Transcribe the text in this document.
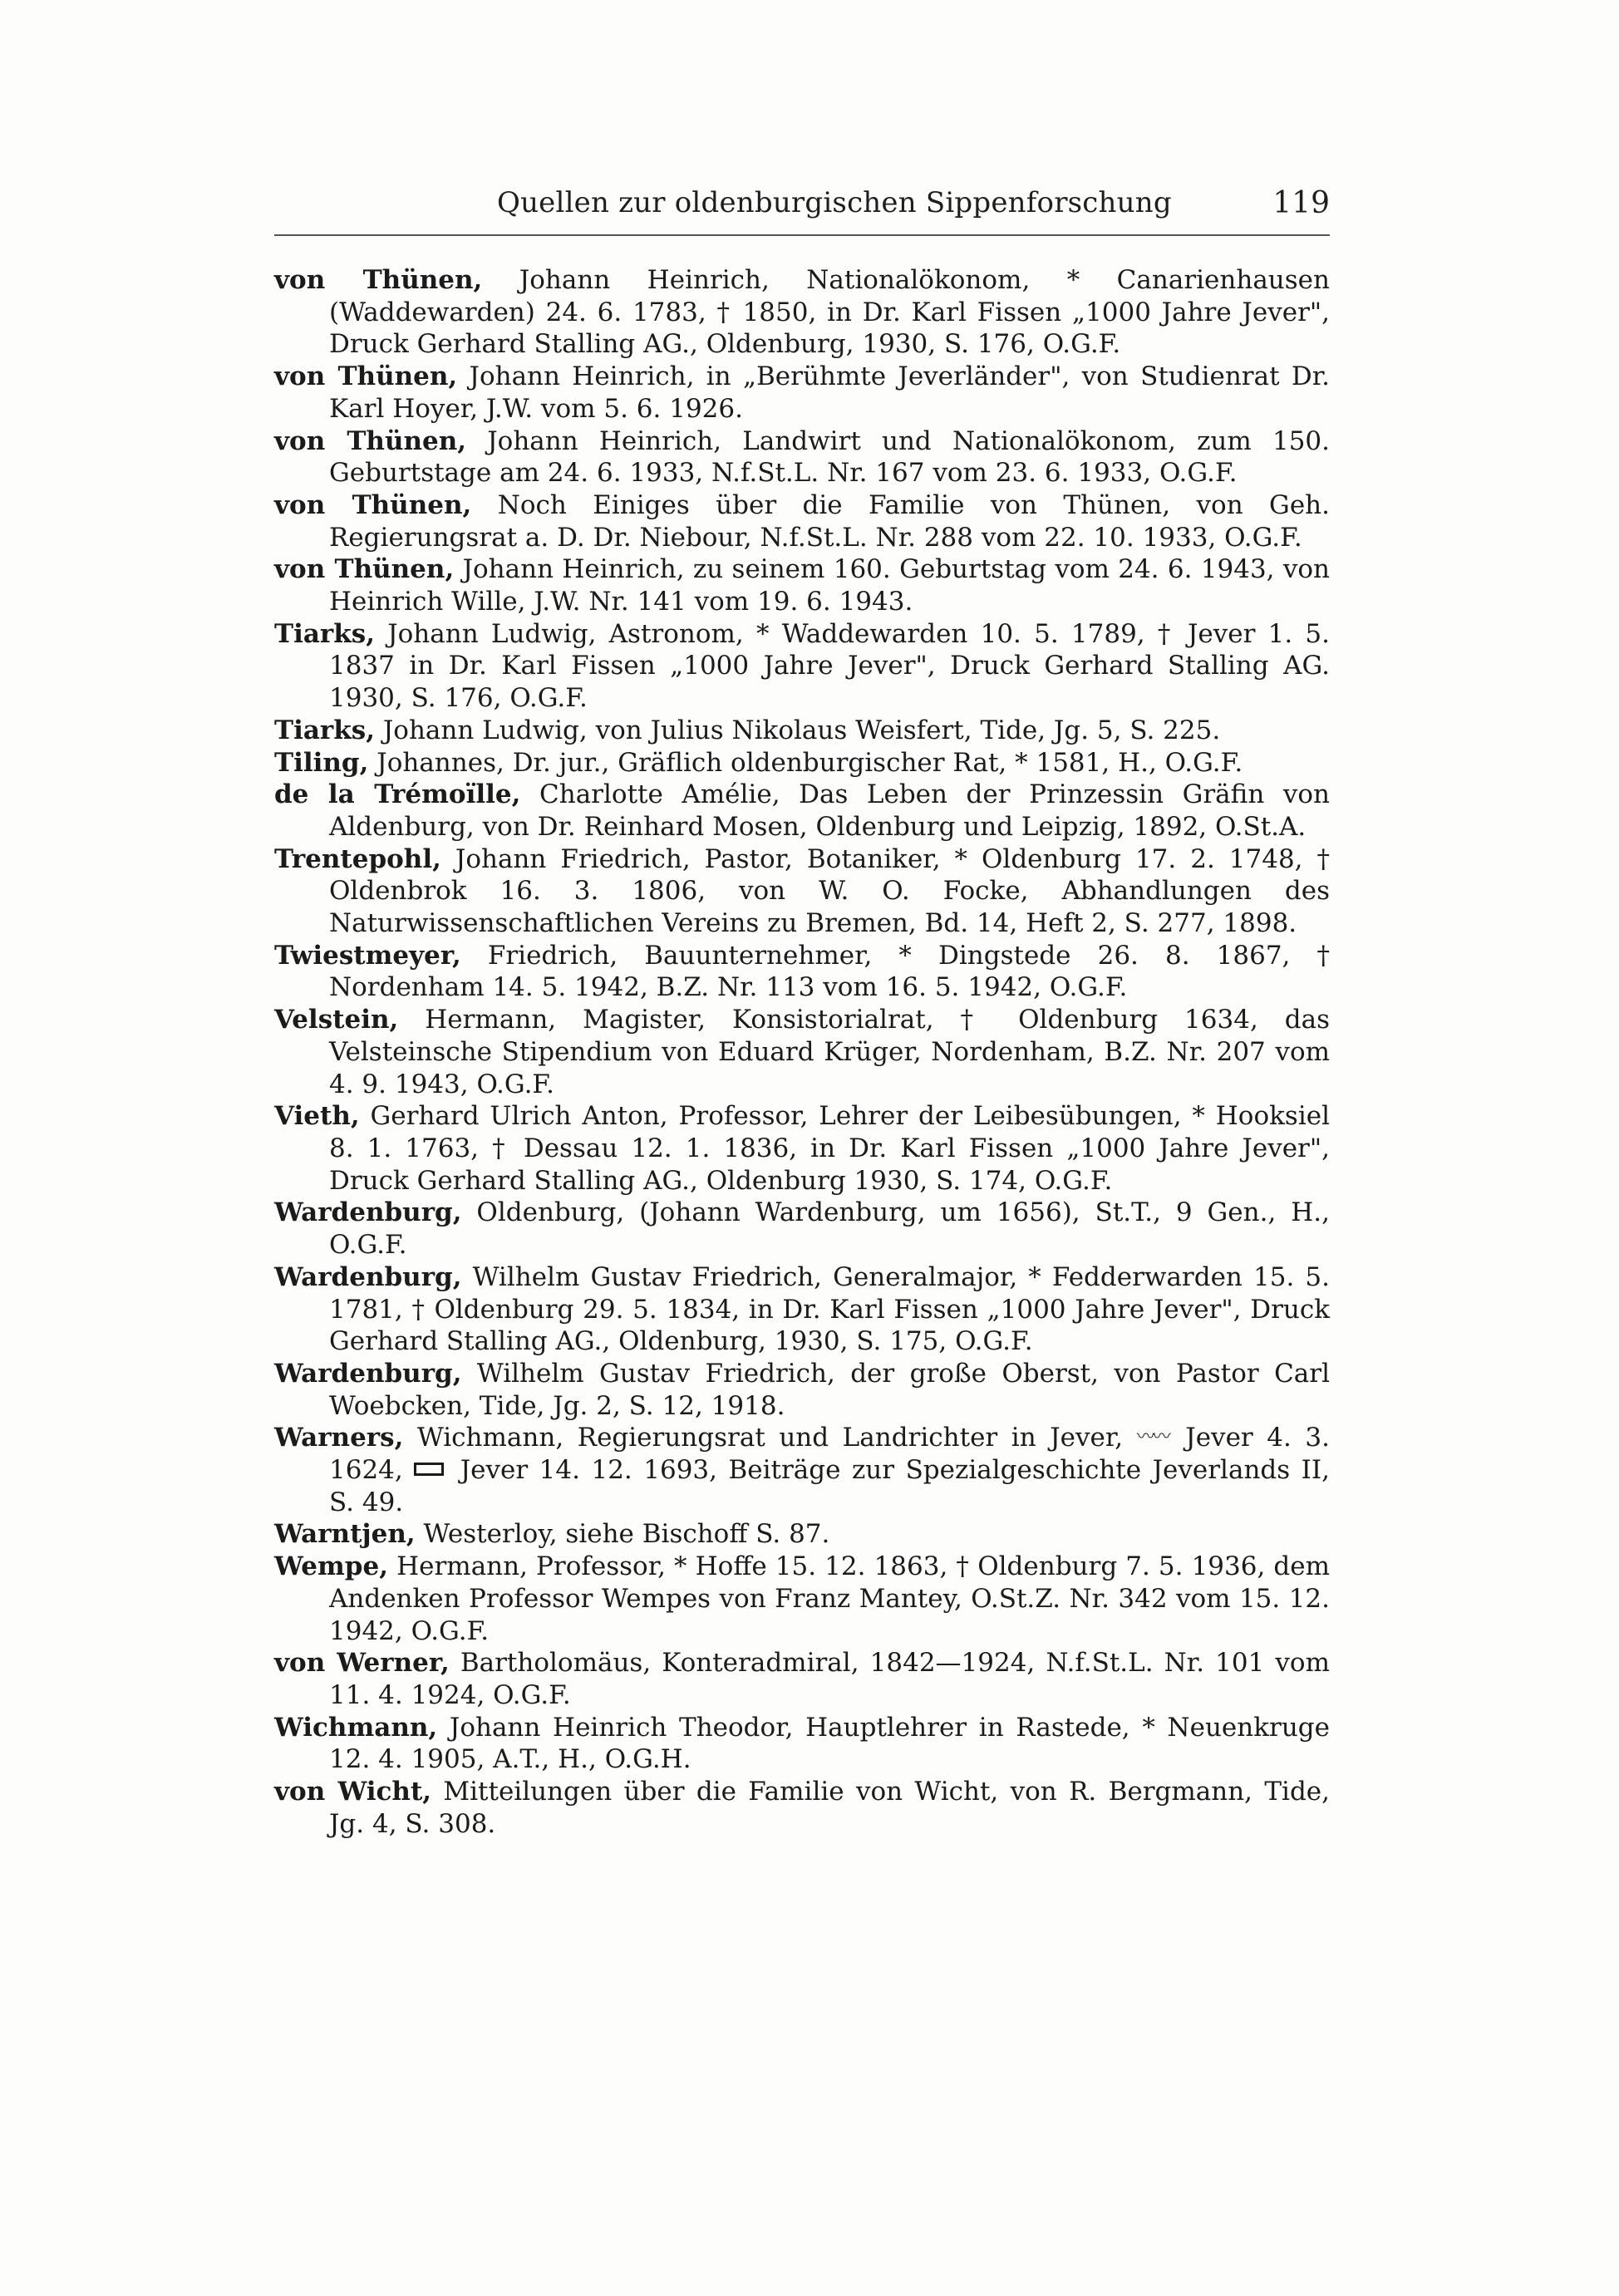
Quellen zur oldenburgischen Sippenforschung	119

von Thünen, Johann Heinrich, Nationalökonom, * Canarienhausen (Waddewarden) 24. 6. 1783, † 1850, in Dr. Karl Fissen „1000 Jahre Jever", Druck Gerhard Stalling AG., Oldenburg, 1930, S. 176, O.G.F.

von Thünen, Johann Heinrich, in „Berühmte Jeverländer", von Studienrat Dr. Karl Hoyer, J.W. vom 5. 6. 1926.

von Thünen, Johann Heinrich, Landwirt und Nationalökonom, zum 150. Geburtstage am 24. 6. 1933, N.f.St.L. Nr. 167 vom 23. 6. 1933, O.G.F.

von Thünen, Noch Einiges über die Familie von Thünen, von Geh. Regierungsrat a. D. Dr. Niebour, N.f.St.L. Nr. 288 vom 22. 10. 1933, O.G.F.

von Thünen, Johann Heinrich, zu seinem 160. Geburtstag vom 24. 6. 1943, von Heinrich Wille, J.W. Nr. 141 vom 19. 6. 1943.

Tiarks, Johann Ludwig, Astronom, * Waddewarden 10. 5. 1789, † Jever 1. 5. 1837 in Dr. Karl Fissen „1000 Jahre Jever", Druck Gerhard Stalling AG. 1930, S. 176, O.G.F.

Tiarks, Johann Ludwig, von Julius Nikolaus Weisfert, Tide, Jg. 5, S. 225.

Tiling, Johannes, Dr. jur., Gräflich oldenburgischer Rat, * 1581, H., O.G.F.

de la Trémoïlle, Charlotte Amélie, Das Leben der Prinzessin Gräfin von Aldenburg, von Dr. Reinhard Mosen, Oldenburg und Leipzig, 1892, O.St.A.

Trentepohl, Johann Friedrich, Pastor, Botaniker, * Oldenburg 17. 2. 1748, † Oldenbrok 16. 3. 1806, von W. O. Focke, Abhandlungen des Naturwissenschaftlichen Vereins zu Bremen, Bd. 14, Heft 2, S. 277, 1898.

Twiestmeyer, Friedrich, Bauunternehmer, * Dingstede 26. 8. 1867, † Nordenham 14. 5. 1942, B.Z. Nr. 113 vom 16. 5. 1942, O.G.F.

Velstein, Hermann, Magister, Konsistorialrat, † Oldenburg 1634, das Velsteinsche Stipendium von Eduard Krüger, Nordenham, B.Z. Nr. 207 vom 4. 9. 1943, O.G.F.

Vieth, Gerhard Ulrich Anton, Professor, Lehrer der Leibesübungen, * Hooksiel 8. 1. 1763, † Dessau 12. 1. 1836, in Dr. Karl Fissen „1000 Jahre Jever", Druck Gerhard Stalling AG., Oldenburg 1930, S. 174, O.G.F.

Wardenburg, Oldenburg, (Johann Wardenburg, um 1656), St.T., 9 Gen., H., O.G.F.

Wardenburg, Wilhelm Gustav Friedrich, Generalmajor, * Fedderwarden 15. 5. 1781, † Oldenburg 29. 5. 1834, in Dr. Karl Fissen „1000 Jahre Jever", Druck Gerhard Stalling AG., Oldenburg, 1930, S. 175, O.G.F.

Wardenburg, Wilhelm Gustav Friedrich, der große Oberst, von Pastor Carl Woebcken, Tide, Jg. 2, S. 12, 1918.

Warners, Wichmann, Regierungsrat und Landrichter in Jever, 〰〰 Jever 4. 3. 1624,  Jever 14. 12. 1693, Beiträge zur Spezialgeschichte Jeverlands II, S. 49.

Warntjen, Westerloy, siehe Bischoff S. 87.

Wempe, Hermann, Professor, * Hoffe 15. 12. 1863, † Oldenburg 7. 5. 1936, dem Andenken Professor Wempes von Franz Mantey, O.St.Z. Nr. 342 vom 15. 12. 1942, O.G.F.

von Werner, Bartholomäus, Konteradmiral, 1842—1924, N.f.St.L. Nr. 101 vom 11. 4. 1924, O.G.F.

Wichmann, Johann Heinrich Theodor, Hauptlehrer in Rastede, * Neuenkruge 12. 4. 1905, A.T., H., O.G.H.

von Wicht, Mitteilungen über die Familie von Wicht, von R. Bergmann, Tide, Jg. 4, S. 308.
